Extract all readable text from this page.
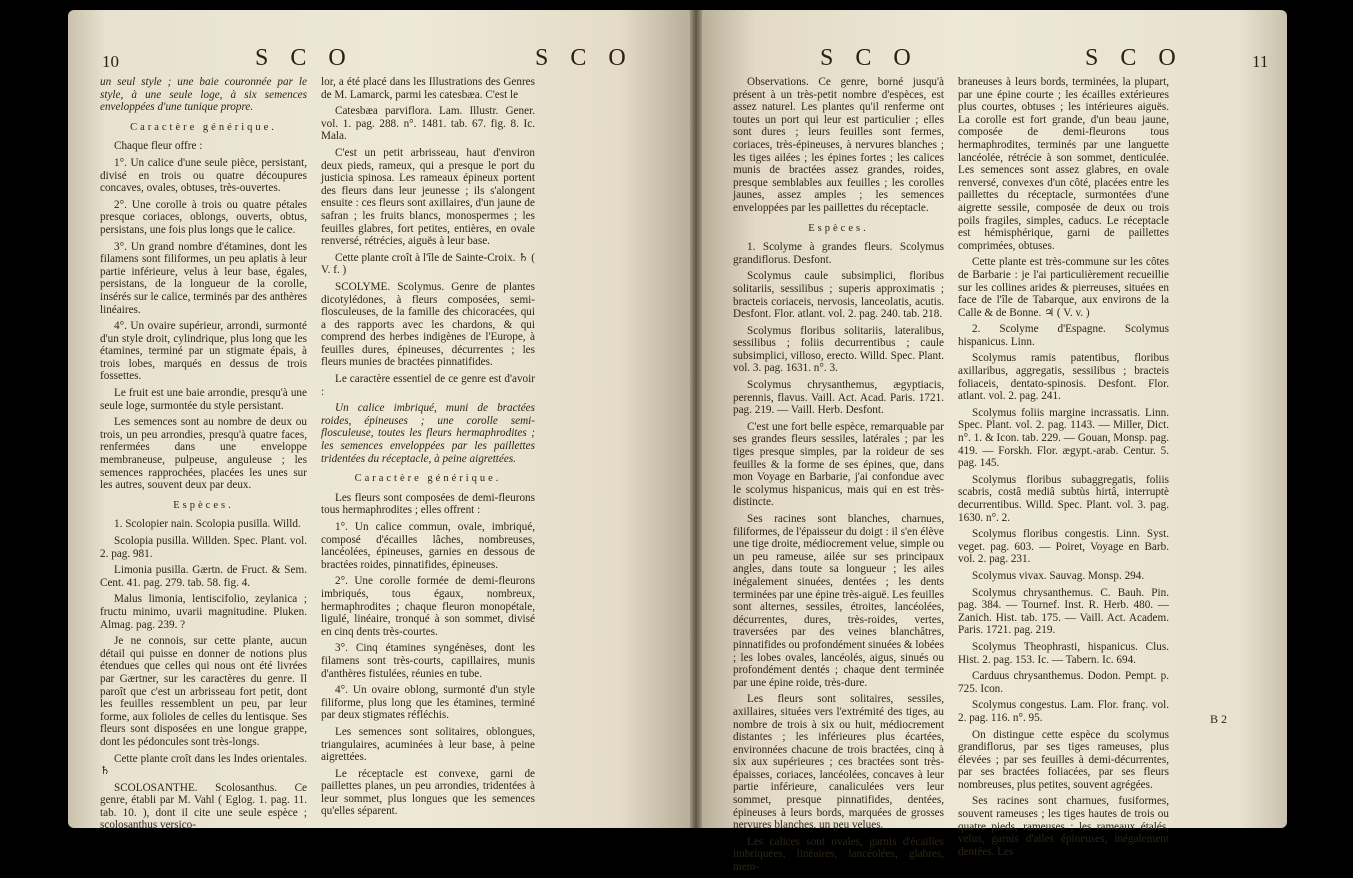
10	S C O	S C O	S C O	S C O	11

un seul style ; une baie couronnée par le style, à une seule loge, à six semences enveloppées d'une tunique propre.

Caractère générique.

Chaque fleur offre :

1°. Un calice d'une seule pièce, persistant, divisé en trois ou quatre découpures concaves, ovales, obtuses, très-ouvertes.

2°. Une corolle à trois ou quatre pétales presque coriaces, oblongs, ouverts, obtus, persistans, une fois plus longs que le calice.

3°. Un grand nombre d'étamines, dont les filamens sont filiformes, un peu aplatis à leur partie inférieure, velus à leur base, égales, persistans, de la longueur de la corolle, insérés sur le calice, terminés par des anthères linéaires.

4°. Un ovaire supérieur, arrondi, surmonté d'un style droit, cylindrique, plus long que les étamines, terminé par un stigmate épais, à trois lobes, marqués en dessus de trois fossettes.

Le fruit est une baie arrondie, presqu'à une seule loge, surmontée du style persistant.

Les semences sont au nombre de deux ou trois, un peu arrondies, presqu'à quatre faces, renfermées dans une enveloppe membraneuse, pulpeuse, anguleuse ; les semences rapprochées, placées les unes sur les autres, souvent deux par deux.

Espèces.

1. Scolopier nain. Scolopia pusilla. Willd.

Scolopia pusilla. Willden. Spec. Plant. vol. 2. pag. 981.

Limonia pusilla. Gærtn. de Fruct. & Sem. Cent. 41. pag. 279. tab. 58. fig. 4.

Malus limonia, lentiscifolio, zeylanica ; fructu minimo, uvarii magnitudine. Pluken. Almag. pag. 239. ?

Je ne connois, sur cette plante, aucun détail qui puisse en donner de notions plus étendues que celles qui nous ont été livrées par Gærtner, sur les caractères du genre. Il paroît que c'est un arbrisseau fort petit, dont les feuilles ressemblent un peu, par leur forme, aux folioles de celles du lentisque. Ses fleurs sont disposées en une longue grappe, dont les pédoncules sont très-longs.

Cette plante croît dans les Indes orientales. ♄

SCOLOSANTHE. Scolosanthus. Ce genre, établi par M. Vahl ( Eglog. 1. pag. 11. tab. 10. ), dont il cite une seule espèce ; scolosanthus versico-

lor, a été placé dans les Illustrations des Genres de M. Lamarck, parmi les catesbæa. C'est le

Catesbæa parviflora. Lam. Illustr. Gener. vol. 1. pag. 288. n°. 1481. tab. 67. fig. 8. Ic. Mala.

C'est un petit arbrisseau, haut d'environ deux pieds, rameux, qui a presque le port du justicia spinosa. Les rameaux épineux portent des fleurs dans leur jeunesse ; ils s'alongent ensuite : ces fleurs sont axillaires, d'un jaune de safran ; les fruits blancs, monospermes ; les feuilles glabres, fort petites, entières, en ovale renversé, rétrécies, aiguës à leur base.

Cette plante croît à l'île de Sainte-Croix. ♄ ( V. f. )

SCOLYME. Scolymus. Genre de plantes dicotylédones, à fleurs composées, semi-flosculeuses, de la famille des chicoracées, qui a des rapports avec les chardons, & qui comprend des herbes indigènes de l'Europe, à feuilles dures, épineuses, décurrentes ; les fleurs munies de bractées pinnatifides.

Le caractère essentiel de ce genre est d'avoir :

Un calice imbriqué, muni de bractées roides, épineuses ; une corolle semi-flosculeuse, toutes les fleurs hermaphrodites ; les semences enveloppées par les paillettes tridentées du réceptacle, à peine aigrettées.

Caractère générique.

Les fleurs sont composées de demi-fleurons tous hermaphrodites ; elles offrent :

1°. Un calice commun, ovale, imbriqué, composé d'écailles lâches, nombreuses, lancéolées, épineuses, garnies en dessous de bractées roides, pinnatifides, épineuses.

2°. Une corolle formée de demi-fleurons imbriqués, tous égaux, nombreux, hermaphrodites ; chaque fleuron monopétale, ligulé, linéaire, tronqué à son sommet, divisé en cinq dents très-courtes.

3°. Cinq étamines syngénèses, dont les filamens sont très-courts, capillaires, munis d'anthères fistulées, réunies en tube.

4°. Un ovaire oblong, surmonté d'un style filiforme, plus long que les étamines, terminé par deux stigmates réfléchis.

Les semences sont solitaires, oblongues, triangulaires, acuminées à leur base, à peine aigrettées.

Le réceptacle est convexe, garni de paillettes planes, un peu arrondies, tridentées à leur sommet, plus longues que les semences qu'elles séparent.

Observations. Ce genre, borné jusqu'à présent à un très-petit nombre d'espèces, est assez naturel. Les plantes qu'il renferme ont toutes un port qui leur est particulier ; elles sont dures ; leurs feuilles sont fermes, coriaces, très-épineuses, à nervures blanches ; les tiges ailées ; les épines fortes ; les calices munis de bractées assez grandes, roides, presque semblables aux feuilles ; les corolles jaunes, assez amples ; les semences enveloppées par les paillettes du réceptacle.

Espèces.

1. Scolyme à grandes fleurs. Scolymus grandiflorus. Desfont.

Scolymus caule subsimplici, floribus solitariis, sessilibus ; superis approximatis ; bracteis coriaceis, nervosis, lanceolatis, acutis. Desfont. Flor. atlant. vol. 2. pag. 240. tab. 218.

Scolymus floribus solitariis, lateralibus, sessilibus ; foliis decurrentibus ; caule subsimplici, villoso, erecto. Willd. Spec. Plant. vol. 3. pag. 1631. n°. 3.

Scolymus chrysanthemus, ægyptiacis, perennis, flavus. Vaill. Act. Acad. Paris. 1721. pag. 219. — Vaill. Herb. Desfont.

C'est une fort belle espèce, remarquable par ses grandes fleurs sessiles, latérales ; par les tiges presque simples, par la roideur de ses feuilles & la forme de ses épines, que, dans mon Voyage en Barbarie, j'ai confondue avec le scolymus hispanicus, mais qui en est très-distincte.

Ses racines sont blanches, charnues, filiformes, de l'épaisseur du doigt : il s'en élève une tige droite, médiocrement velue, simple ou un peu rameuse, ailée sur ses principaux angles, dans toute sa longueur ; les ailes inégalement sinuées, dentées ; les dents terminées par une épine très-aiguë. Les feuilles sont alternes, sessiles, étroites, lancéolées, décurrentes, dures, très-roides, vertes, traversées par des veines blanchâtres, pinnatifides ou profondément sinuées & lobées ; les lobes ovales, lancéolés, aigus, sinués ou profondément dentés ; chaque dent terminée par une épine roide, très-dure.

Les fleurs sont solitaires, sessiles, axillaires, situées vers l'extrémité des tiges, au nombre de trois à six ou huit, médiocrement distantes ; les inférieures plus écartées, environnées chacune de trois bractées, cinq à six aux supérieures ; ces bractées sont très-épaisses, coriaces, lancéolées, concaves à leur partie inférieure, canaliculées vers leur sommet, presque pinnatifides, dentées, épineuses à leurs bords, marquées de grosses nervures blanches, un peu velues.

Les calices sont ovales, garnis d'écailles imbriquées, linéaires, lancéolées, glabres, mem-

braneuses à leurs bords, terminées, la plupart, par une épine courte ; les écailles extérieures plus courtes, obtuses ; les intérieures aiguës. La corolle est fort grande, d'un beau jaune, composée de demi-fleurons tous hermaphrodites, terminés par une languette lancéolée, rétrécie à son sommet, denticulée. Les semences sont assez glabres, en ovale renversé, convexes d'un côté, placées entre les paillettes du réceptacle, surmontées d'une aigrette sessile, composée de deux ou trois poils fragiles, simples, caducs. Le réceptacle est hémisphérique, garni de paillettes comprimées, obtuses.

Cette plante est très-commune sur les côtes de Barbarie : je l'ai particulièrement recueillie sur les collines arides & pierreuses, situées en face de l'île de Tabarque, aux environs de la Calle & de Bonne. ♃ ( V. v. )

2. Scolyme d'Espagne. Scolymus hispanicus. Linn.

Scolymus ramis patentibus, floribus axillaribus, aggregatis, sessilibus ; bracteis foliaceis, dentato-spinosis. Desfont. Flor. atlant. vol. 2. pag. 241.

Scolymus foliis margine incrassatis. Linn. Spec. Plant. vol. 2. pag. 1143. — Miller, Dict. n°. 1. & Icon. tab. 229. — Gouan, Monsp. pag. 419. — Forskh. Flor. ægypt.-arab. Centur. 5. pag. 145.

Scolymus floribus subaggregatis, foliis scabris, costâ mediâ subtùs hirtâ, interruptè decurrentibus. Willd. Spec. Plant. vol. 3. pag. 1630. n°. 2.

Scolymus floribus congestis. Linn. Syst. veget. pag. 603. — Poiret, Voyage en Barb. vol. 2. pag. 231.

Scolymus vivax. Sauvag. Monsp. 294.

Scolymus chrysanthemus. C. Bauh. Pin. pag. 384. — Tournef. Inst. R. Herb. 480. — Zanich. Hist. tab. 175. — Vaill. Act. Academ. Paris. 1721. pag. 219.

Scolymus Theophrasti, hispanicus. Clus. Hist. 2. pag. 153. Ic. — Tabern. Ic. 694.

Carduus chrysanthemus. Dodon. Pempt. p. 725. Icon.

Scolymus congestus. Lam. Flor. franç. vol. 2. pag. 116. n°. 95.

On distingue cette espèce du scolymus grandiflorus, par ses tiges rameuses, plus élevées ; par ses feuilles à demi-décurrentes, par ses bractées foliacées, par ses fleurs nombreuses, plus petites, souvent agrégées.

Ses racines sont charnues, fusiformes, souvent rameuses ; les tiges hautes de trois ou quatre pieds, rameuses ; les rameaux étalés, velus, garnis d'ailes épineuses, inégalement dentées. Les

B 2
